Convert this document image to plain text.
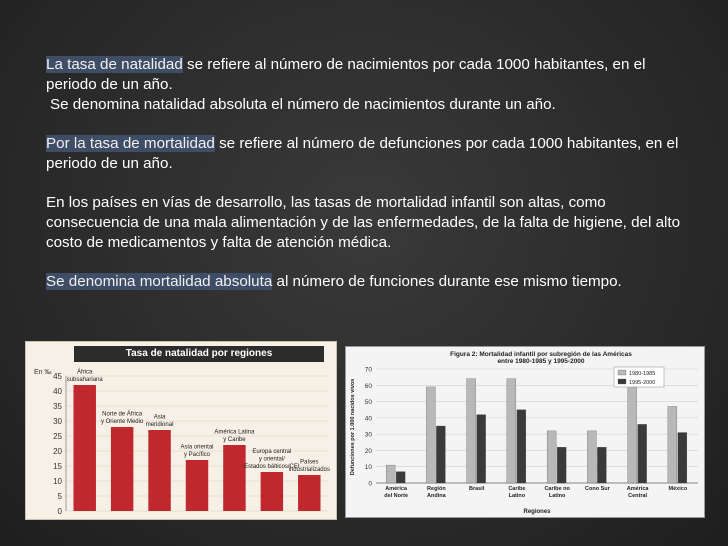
La tasa de natalidad se refiere al número de nacimientos por cada 1000 habitantes, en el periodo de un año.
Se denomina natalidad absoluta el número de nacimientos durante un año.

Por la tasa de mortalidad se refiere al número de defunciones por cada 1000 habitantes, en el periodo de un año.

En los países en vías de desarrollo, las tasas de mortalidad infantil son altas, como consecuencia de una mala alimentación y de las enfermedades, de la falta de higiene, del alto costo de medicamentos y falta de atención médica.

Se denomina mortalidad absoluta al número de funciones durante ese mismo tiempo.

Tasa de natalidad por regiones
En ‰
0
5
10
15
20
25
30
35
40
45	África
subsahariana
Norte de África
y Oriente Medio
Asia
meridional
Asia oriental
y Pacífico
América Latina
y Caribe
Europa central
y oriental/
Estados bálticos/CEI
Países
industrializados
Figura 2: Mortalidad infantil por subregión de las Américas
entre 1980-1985 y 1995-2000
0
10
20
30
40
50
60
70
Defunciones por 1.000 nacidos vivos
Regiones
América
del Norte
Región
Andina
Brasil	Caribe
Latino
Caribe no
Latino
Cono Sur	América
Central
México
1980-1985
1995-2000
